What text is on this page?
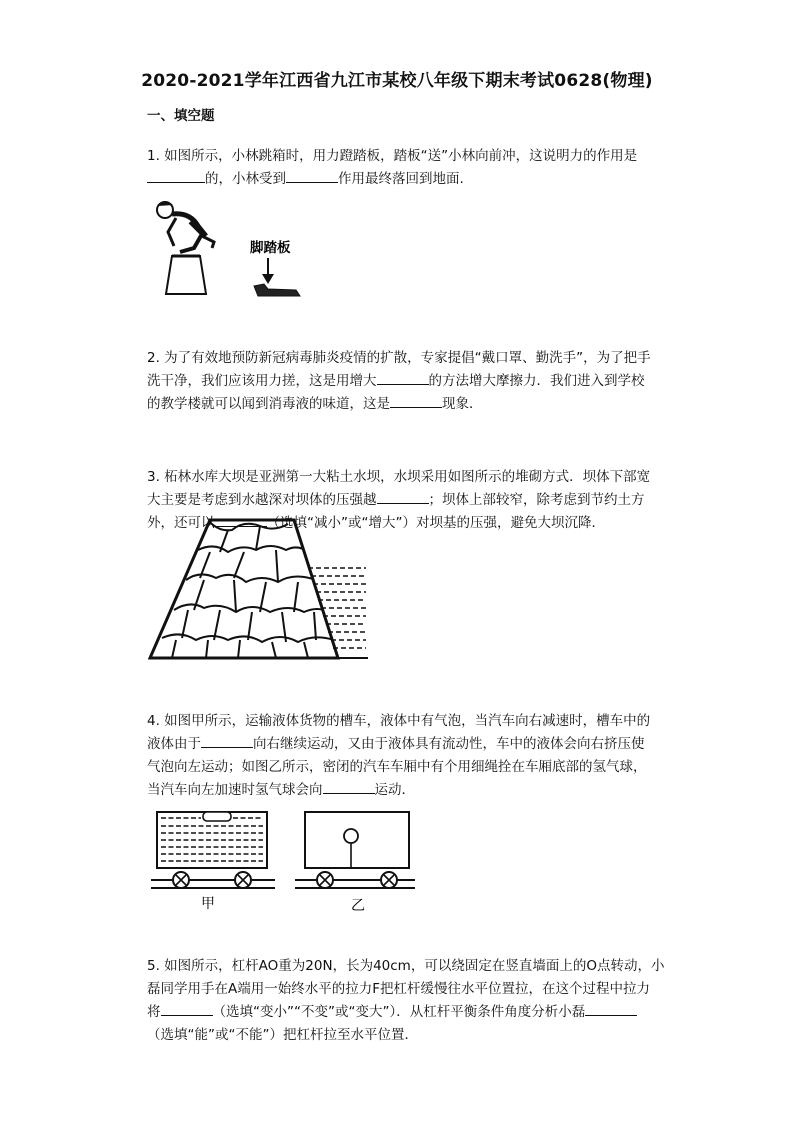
2020-2021学年江西省九江市某校八年级下期末考试0628(物理)
一、填空题
1. 如图所示，小林跳箱时，用力蹬踏板，踏板“送”小林向前冲，这说明力的作用是
的，小林受到	作用最终落回到地面.
脚踏板
2. 为了有效地预防新冠病毒肺炎疫情的扩散，专家提倡“戴口罩、勤洗手”，为了把手
洗干净，我们应该用力搓，这是用增大	的方法增大摩擦力．我们进入到学校
的教学楼就可以闻到消毒液的味道，这是	现象．
3. 柘林水库大坝是亚洲第一大粘土水坝，水坝采用如图所示的堆砌方式．坝体下部宽
大主要是考虑到水越深对坝体的压强越	；坝体上部较窄，除考虑到节约土方
外，还可以	（选填“减小”或“增大”）对坝基的压强，避免大坝沉降．
4. 如图甲所示，运输液体货物的槽车，液体中有气泡，当汽车向右减速时，槽车中的
液体由于	向右继续运动，又由于液体具有流动性，车中的液体会向右挤压使
气泡向左运动；如图乙所示，密闭的汽车车厢中有个用细绳拴在车厢底部的氢气球，
当汽车向左加速时氢气球会向	运动．
甲	乙
5. 如图所示，杠杆AO重为20N，长为40cm，可以绕固定在竖直墙面上的O点转动，小
磊同学用手在A端用一始终水平的拉力F把杠杆缓慢往水平位置拉，在这个过程中拉力
将	（选填“变小”“不变”或“变大”）．从杠杆平衡条件角度分析小磊
（选填“能”或“不能”）把杠杆拉至水平位置．
